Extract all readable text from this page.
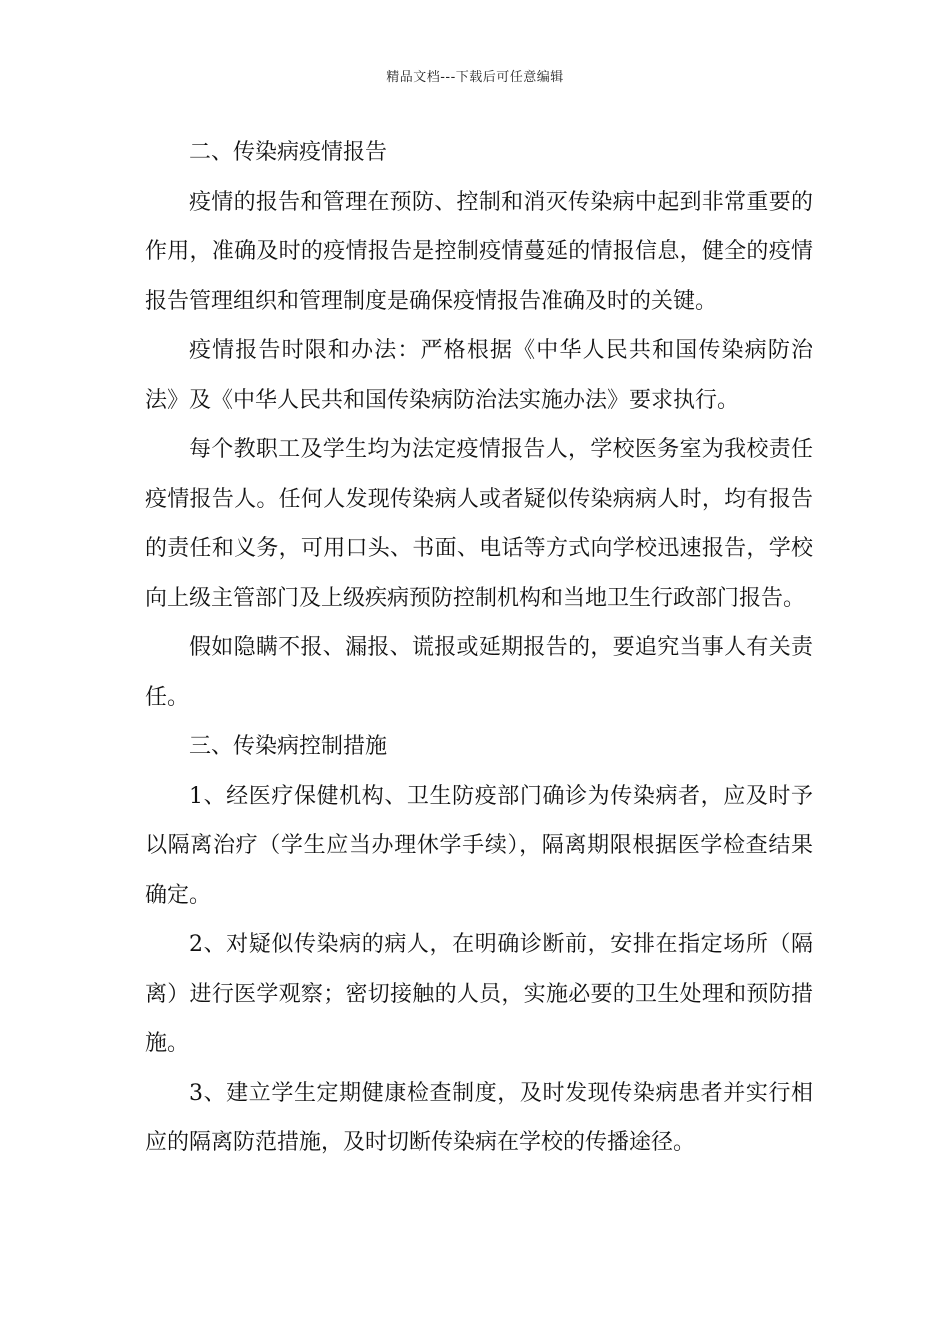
精品文档---下载后可任意编辑

二、传染病疫情报告

疫情的报告和管理在预防、控制和消灭传染病中起到非常重要的作用，准确及时的疫情报告是控制疫情蔓延的情报信息，健全的疫情报告管理组织和管理制度是确保疫情报告准确及时的关键。

疫情报告时限和办法：严格根据《中华人民共和国传染病防治法》及《中华人民共和国传染病防治法实施办法》要求执行。

每个教职工及学生均为法定疫情报告人，学校医务室为我校责任疫情报告人。任何人发现传染病人或者疑似传染病病人时，均有报告的责任和义务，可用口头、书面、电话等方式向学校迅速报告，学校向上级主管部门及上级疾病预防控制机构和当地卫生行政部门报告。

假如隐瞒不报、漏报、谎报或延期报告的，要追究当事人有关责任。

三、传染病控制措施

1、经医疗保健机构、卫生防疫部门确诊为传染病者，应及时予以隔离治疗（学生应当办理休学手续），隔离期限根据医学检查结果确定。

2、对疑似传染病的病人，在明确诊断前，安排在指定场所（隔离）进行医学观察；密切接触的人员，实施必要的卫生处理和预防措施。

3、建立学生定期健康检查制度，及时发现传染病患者并实行相应的隔离防范措施，及时切断传染病在学校的传播途径。
